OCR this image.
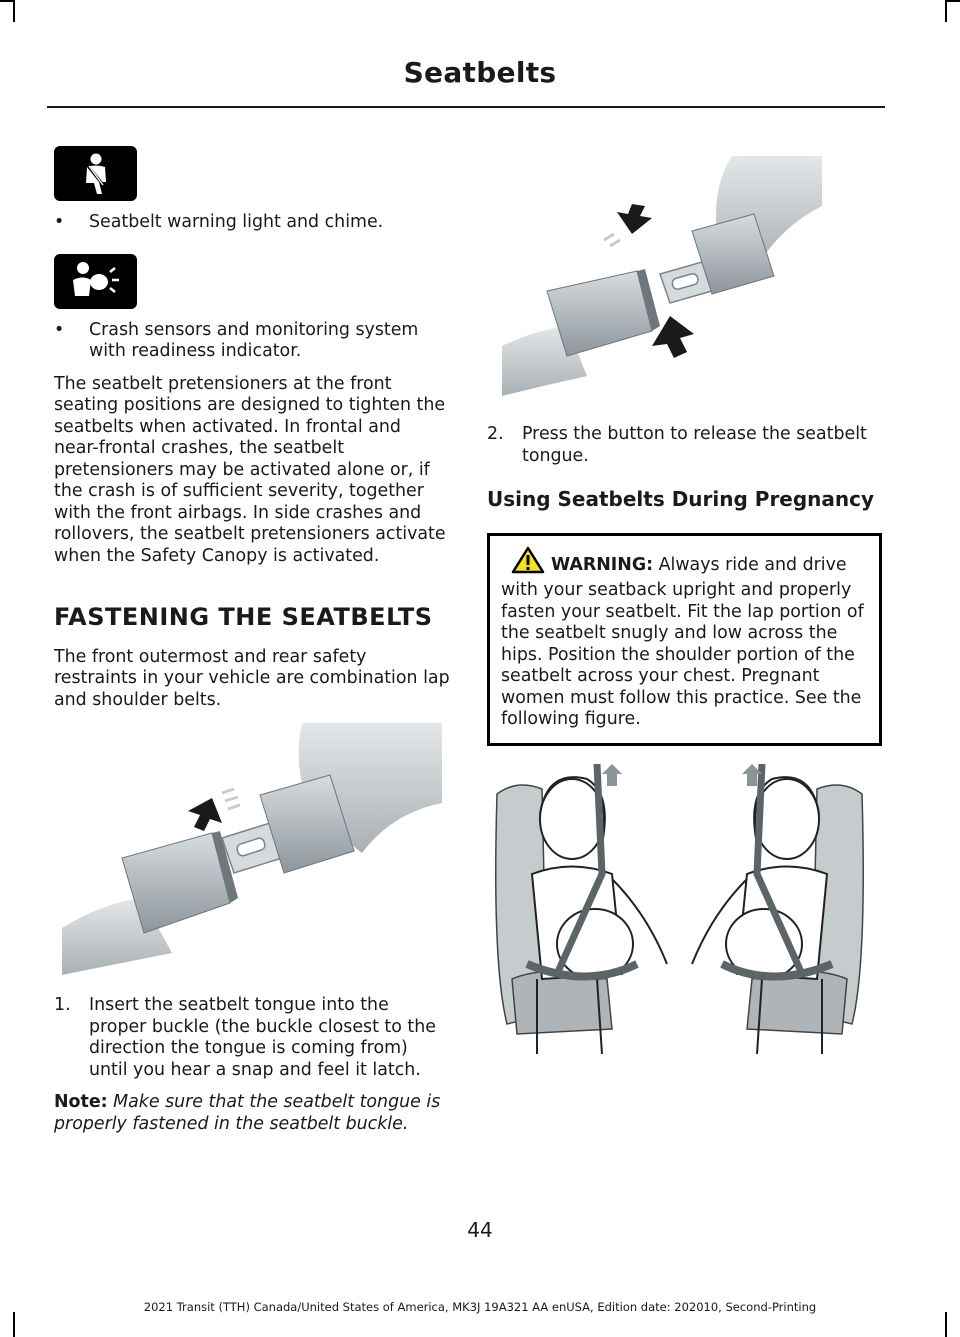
Seatbelts
•	Seatbelt warning light and chime.
•	Crash sensors and monitoring system with readiness indicator.

The seatbelt pretensioners at the front seating positions are designed to tighten the seatbelts when activated. In frontal and near-frontal crashes, the seatbelt pretensioners may be activated alone or, if the crash is of sufficient severity, together with the front airbags. In side crashes and rollovers, the seatbelt pretensioners activate when the Safety Canopy is activated.

FASTENING THE SEATBELTS

The front outermost and rear safety restraints in your vehicle are combination lap and shoulder belts.

1.	Insert the seatbelt tongue into the proper buckle (the buckle closest to the direction the tongue is coming from) until you hear a snap and feel it latch.

Note: Make sure that the seatbelt tongue is properly fastened in the seatbelt buckle.

2.	Press the button to release the seatbelt tongue.
Using Seatbelts During Pregnancy
WARNING: Always ride and drive with your seatback upright and properly fasten your seatbelt. Fit the lap portion of the seatbelt snugly and low across the hips. Position the shoulder portion of the seatbelt across your chest. Pregnant women must follow this practice. See the following figure.
44
2021 Transit (TTH) Canada/United States of America, MK3J 19A321 AA enUSA, Edition date: 202010, Second-Printing
